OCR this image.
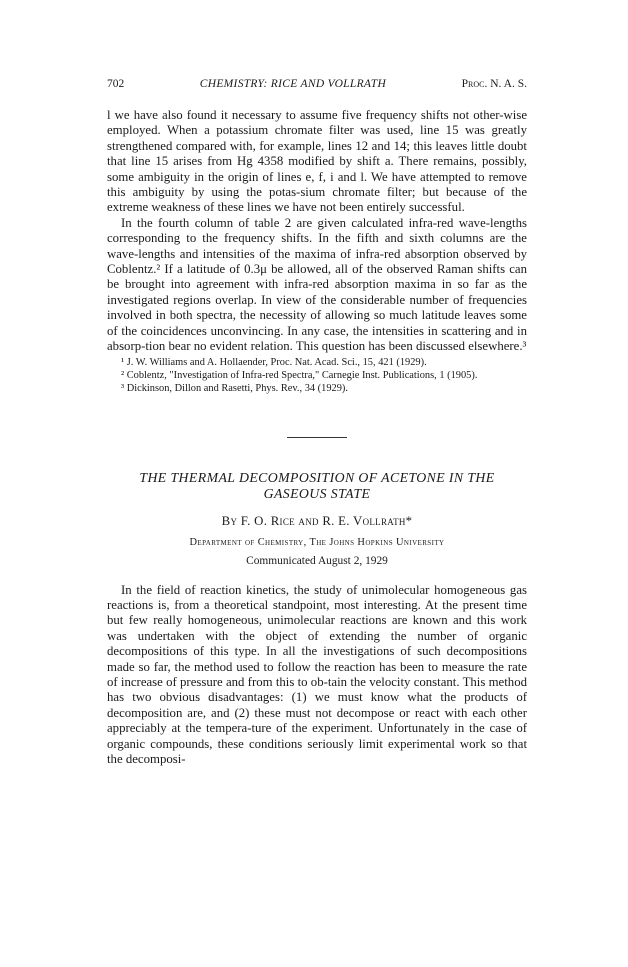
702	CHEMISTRY: RICE AND VOLLRATH	Proc. N. A. S.

l we have also found it necessary to assume five frequency shifts not other-wise employed. When a potassium chromate filter was used, line 15 was greatly strengthened compared with, for example, lines 12 and 14; this leaves little doubt that line 15 arises from Hg 4358 modified by shift a. There remains, possibly, some ambiguity in the origin of lines e, f, i and l. We have attempted to remove this ambiguity by using the potas-sium chromate filter; but because of the extreme weakness of these lines we have not been entirely successful.

In the fourth column of table 2 are given calculated infra-red wave-lengths corresponding to the frequency shifts. In the fifth and sixth columns are the wave-lengths and intensities of the maxima of infra-red absorption observed by Coblentz.² If a latitude of 0.3μ be allowed, all of the observed Raman shifts can be brought into agreement with infra-red absorption maxima in so far as the investigated regions overlap. In view of the considerable number of frequencies involved in both spectra, the necessity of allowing so much latitude leaves some of the coincidences unconvincing. In any case, the intensities in scattering and in absorp-tion bear no evident relation. This question has been discussed elsewhere.³

¹ J. W. Williams and A. Hollaender, Proc. Nat. Acad. Sci., 15, 421 (1929).

² Coblentz, "Investigation of Infra-red Spectra," Carnegie Inst. Publications, 1 (1905).

³ Dickinson, Dillon and Rasetti, Phys. Rev., 34 (1929).

THE THERMAL DECOMPOSITION OF ACETONE IN THE GASEOUS STATE
By F. O. Rice and R. E. Vollrath*
Department of Chemistry, The Johns Hopkins University
Communicated August 2, 1929

In the field of reaction kinetics, the study of unimolecular homogeneous gas reactions is, from a theoretical standpoint, most interesting. At the present time but few really homogeneous, unimolecular reactions are known and this work was undertaken with the object of extending the number of organic decompositions of this type. In all the investigations of such decompositions made so far, the method used to follow the reaction has been to measure the rate of increase of pressure and from this to ob-tain the velocity constant. This method has two obvious disadvantages: (1) we must know what the products of decomposition are, and (2) these must not decompose or react with each other appreciably at the tempera-ture of the experiment. Unfortunately in the case of organic compounds, these conditions seriously limit experimental work so that the decomposi-
